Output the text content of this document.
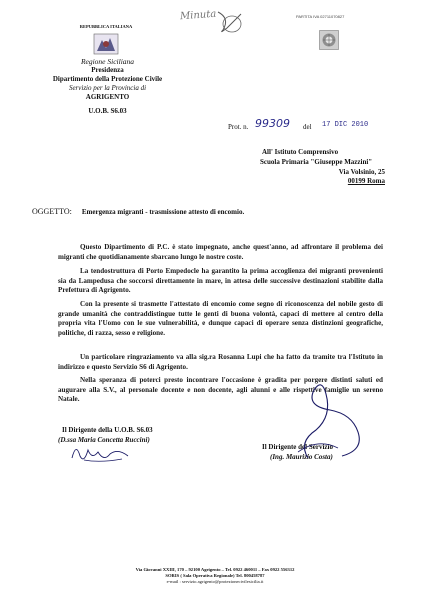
REPUBBLICA ITALIANA
Regione Siciliana
Presidenza
Dipartimento della Protezione Civile
Servizio per la Provincia di
AGRIGENTO
U.O.B. S6.03
Minuta	PARTITA IVA 02711070827
Prot. n. 99309 del 17 DIC 2010
All' Istituto Comprensivo
Scuola Primaria "Giuseppe Mazzini"
Via Volsinio, 25
00199 Roma
OGGETTO: Emergenza migranti - trasmissione attesto di encomio.
Questo Dipartimento di P.C. è stato impegnato, anche quest'anno, ad affrontare il problema dei migranti che quotidianamente sbarcano lungo le nostre coste.
La tendostruttura di Porto Empedocle ha garantito la prima accoglienza dei migranti provenienti sia da Lampedusa che soccorsi direttamente in mare, in attesa delle successive destinazioni stabilite dalla Prefettura di Agrigento.
Con la presente si trasmette l'attestato di encomio come segno di riconoscenza del nobile gesto di grande umanità che contraddistingue tutte le genti di buona volontà, capaci di mettere al centro della propria vita l'Uomo con le sue vulnerabilità, e dunque capaci di operare senza distinzioni geografiche, politiche, di razza, sesso e religione.
Un particolare ringraziamento va alla sig.ra Rosanna Lupi che ha fatto da tramite tra l'Istituto in indirizzo e questo Servizio S6 di Agrigento.
Nella speranza di poterci presto incontrare l'occasione è gradita per porgere distinti saluti ed augurare alla S.V., al personale docente e non docente, agli alunni e alle rispettive famiglie un sereno Natale.
Il Dirigente della U.O.B. S6.03
(D.ssa Maria Concetta Ruccini)
Il Dirigente del Servizio
(Ing. Maurizio Costa)
Via Giovanni XXIII, 170 – 92100 Agrigento – Tel. 0922 460011 – Fax 0922 556312
SORIS ( Sala Operativa Regionale) Tel. 800458787
e-mail : servizio.agrigento@protezionecivilesicilia.it
